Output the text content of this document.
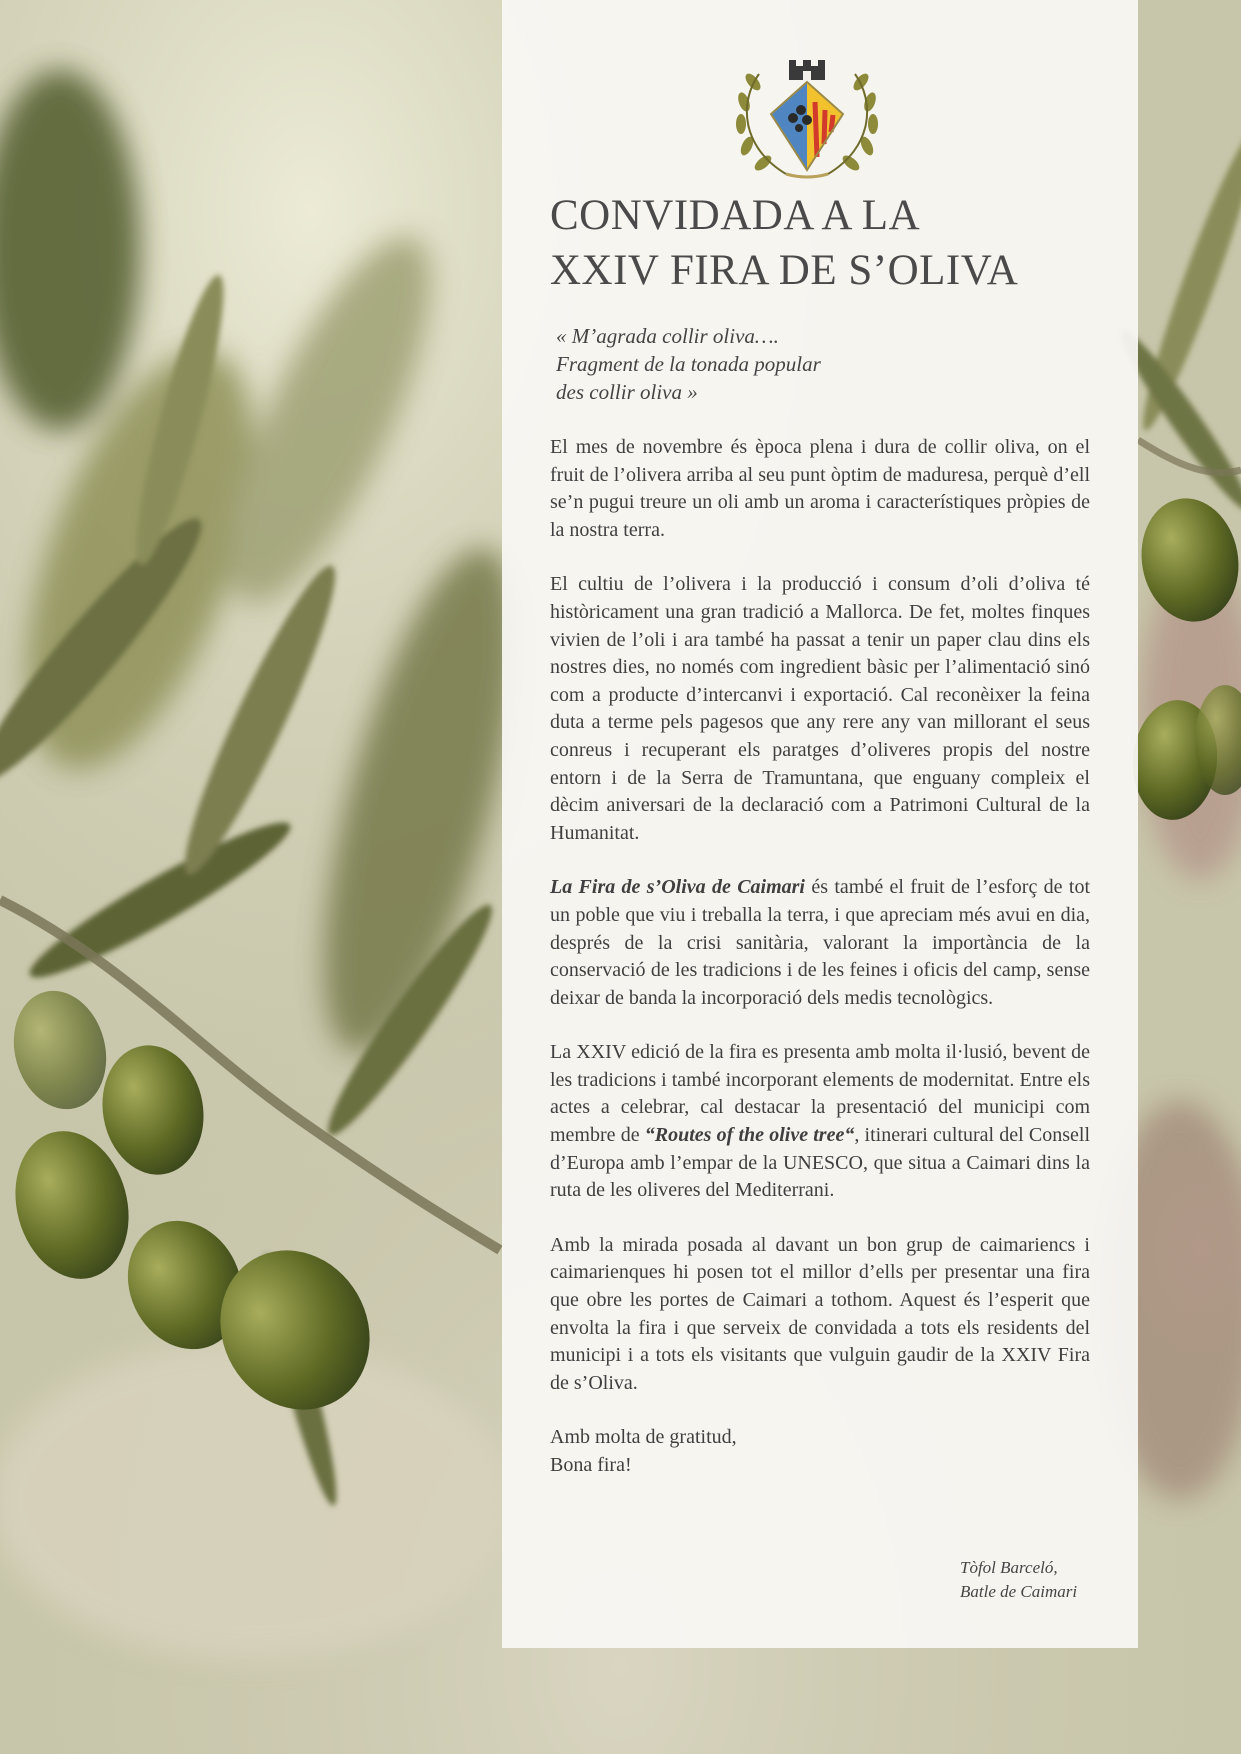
CONVIDADA A LA
XXIV FIRA DE S’OLIVA
« M’agrada collir oliva….
Fragment de la tonada popular
des collir oliva »

El mes de novembre és època plena i dura de collir oliva, on el fruit de l’olivera arriba al seu punt òptim de maduresa, perquè d’ell se’n pugui treure un oli amb un aroma i característiques pròpies de la nostra terra.

El cultiu de l’olivera i la producció i consum d’oli d’oliva té històricament una gran tradició a Mallorca. De fet, moltes finques vivien de l’oli i ara també ha passat a tenir un paper clau dins els nostres dies, no només com ingredient bàsic per l’alimentació sinó com a producte d’intercanvi i exportació. Cal reconèixer la feina duta a terme pels pagesos que any rere any van millorant el seus conreus i recuperant els paratges d’oliveres propis del nostre entorn i de la Serra de Tramuntana, que enguany compleix el dècim aniversari de la declaració com a Patrimoni Cultural de la Humanitat.

La Fira de s’Oliva de Caimari és també el fruit de l’esforç de tot un poble que viu i treballa la terra, i que apreciam més avui en dia, després de la crisi sanitària, valorant la importància de la conservació de les tradicions i de les feines i oficis del camp, sense deixar de banda la incorporació dels medis tecnològics.

La XXIV edició de la fira es presenta amb molta il·lusió, bevent de les tradicions i també incorporant elements de modernitat. Entre els actes a celebrar, cal destacar la presentació del municipi com membre de “Routes of the olive tree“, itinerari cultural del Consell d’Europa amb l’empar de la UNESCO, que situa a Caimari dins la ruta de les oliveres del Mediterrani.

Amb la mirada posada al davant un bon grup de caimariencs i caimarienques hi posen tot el millor d’ells per presentar una fira que obre les portes de Caimari a tothom. Aquest és l’esperit que envolta la fira i que serveix de convidada a tots els residents del municipi i a tots els visitants que vulguin gaudir de la XXIV Fira de s’Oliva.

Amb molta de gratitud,
Bona fira!

Tòfol Barceló,
Batle de Caimari
